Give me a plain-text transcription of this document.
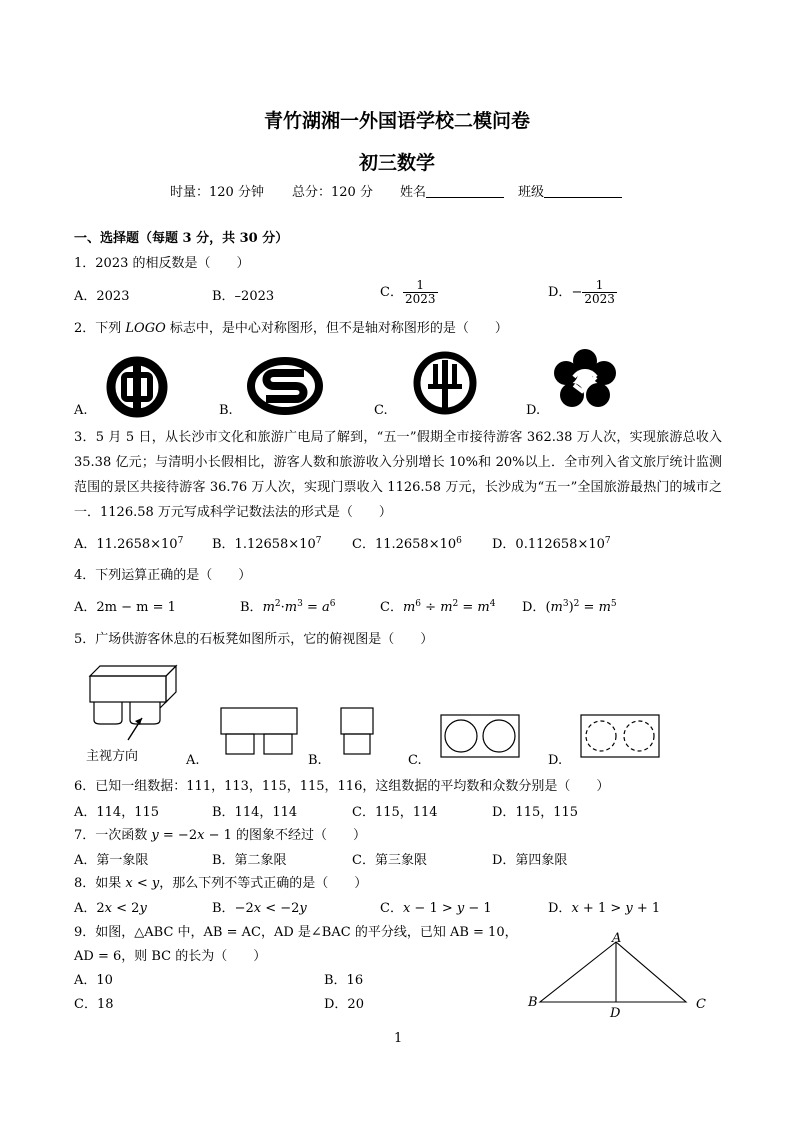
青竹湖湘一外国语学校二模问卷
初三数学
时量：120 分钟 总分：120 分 姓名	班级
一、选择题（每题 3 分，共 30 分）
1．2023 的相反数是（　　）
A．2023	B．–2023	C． $\frac{1}{2023}$	D．− $\frac{1}{2023}$
2．下列 LOGO 标志中，是中心对称图形，但不是轴对称图形的是（　　）
A.	B.	C.	D.
3．5 月 5 日，从长沙市文化和旅游广电局了解到，“五一”假期全市接待游客 362.38 万人次，实现旅游总收入 35.38 亿元；与清明小长假相比，游客人数和旅游收入分别增长 10%和 20%以上．全市列入省文旅厅统计监测范围的景区共接待游客 36.76 万人次，实现门票收入 1126.58 万元，长沙成为“五一”全国旅游最热门的城市之一．1126.58 万元写成科学记数法法的形式是（　　）
A．$11.2658\times 10^7$ B．$1.12658\times 10^7$ C．$11.2658\times 10^6$ D．$0.112658\times 10^7$
4．下列运算正确的是（　　）
A．2m − m = 1	B．$m^2\cdot m^3 = a^6$	C．$m^6 \div m^2 = m^4$ D．$(m^3)^2 = m^5$
5．广场供游客休息的石板凳如图所示，它的俯视图是（　　）
主视方向	A.	B.	C.	D.
6．已知一组数据：111，113，115，115，116，这组数据的平均数和众数分别是（　　）
A．114，115	B．114，114	C．115，114	D．115，115
7．一次函数 y = −2x − 1 的图象不经过（　　）
A．第一象限	B．第二象限	C．第三象限	D．第四象限
8．如果 x < y，那么下列不等式正确的是（　　）
A．2x < 2y	B．−2x < −2y	C．x − 1 > y − 1	D．x + 1 > y + 1
9．如图，△ABC 中，AB = AC，AD 是∠BAC 的平分线，已知 AB = 10，
AD = 6，则 BC 的长为（　　）
A．10	B．16
C．18	D．20
A
B	C
D
1
